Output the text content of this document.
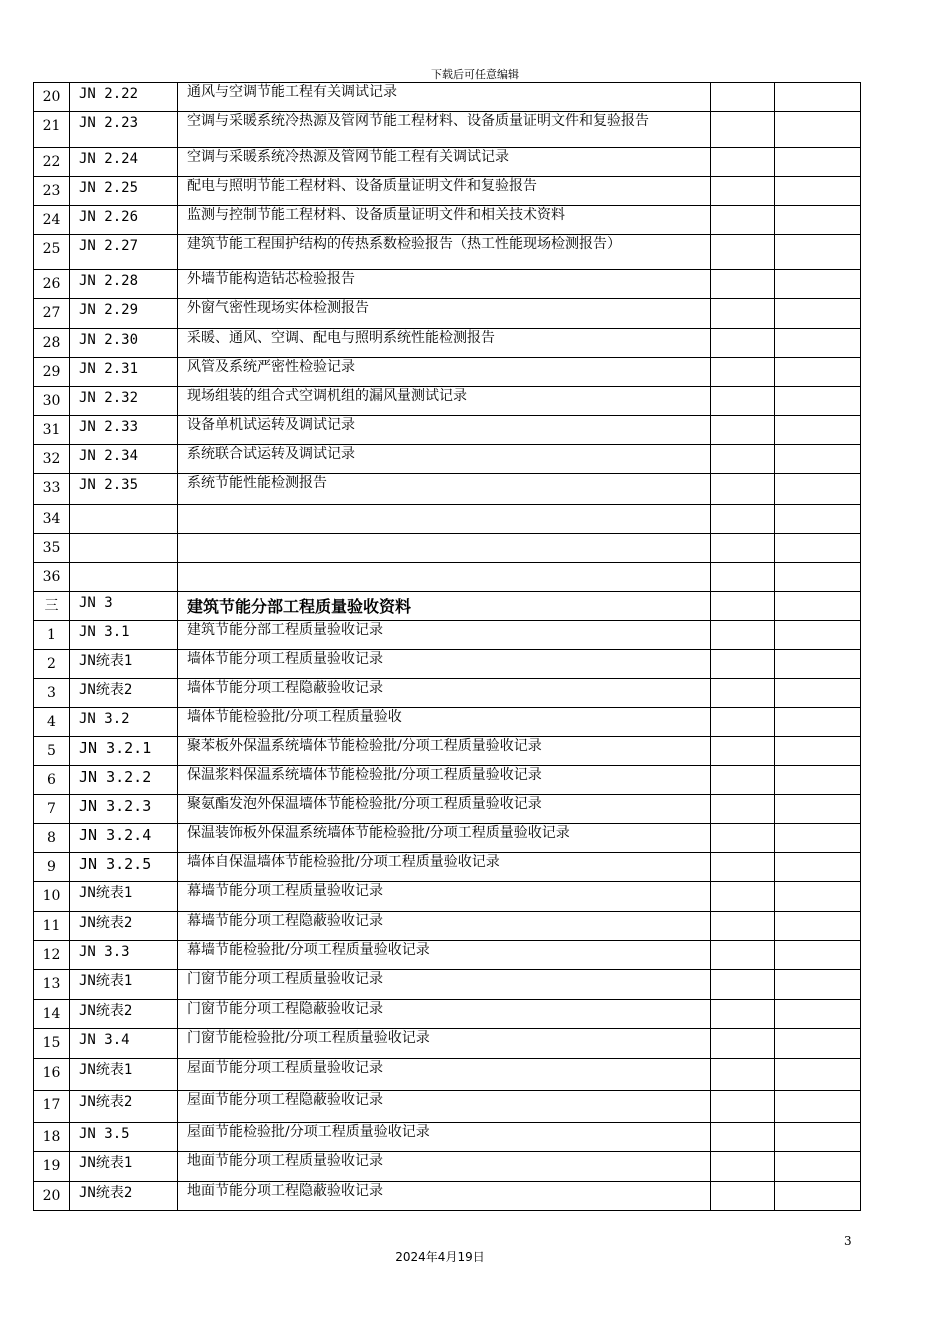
下载后可任意编辑
20	JN 2.22	通风与空调节能工程有关调试记录		
21	JN 2.23	空调与采暖系统冷热源及管网节能工程材料、设备质量证明文件和复验报告		
22	JN 2.24	空调与采暖系统冷热源及管网节能工程有关调试记录		
23	JN 2.25	配电与照明节能工程材料、设备质量证明文件和复验报告		
24	JN 2.26	监测与控制节能工程材料、设备质量证明文件和相关技术资料		
25	JN 2.27	建筑节能工程围护结构的传热系数检验报告（热工性能现场检测报告）		
26	JN 2.28	外墙节能构造钻芯检验报告		
27	JN 2.29	外窗气密性现场实体检测报告		
28	JN 2.30	采暖、通风、空调、配电与照明系统性能检测报告		
29	JN 2.31	风管及系统严密性检验记录		
30	JN 2.32	现场组装的组合式空调机组的漏风量测试记录		
31	JN 2.33	设备单机试运转及调试记录		
32	JN 2.34	系统联合试运转及调试记录		
33	JN 2.35	系统节能性能检测报告		
34				
35				
36				
三	JN 3	建筑节能分部工程质量验收资料		
1	JN 3.1	建筑节能分部工程质量验收记录		
2	JN统表1	墙体节能分项工程质量验收记录		
3	JN统表2	墙体节能分项工程隐蔽验收记录		
4	JN 3.2	墙体节能检验批/分项工程质量验收		
5	JN 3.2.1	聚苯板外保温系统墙体节能检验批/分项工程质量验收记录		
6	JN 3.2.2	保温浆料保温系统墙体节能检验批/分项工程质量验收记录		
7	JN 3.2.3	聚氨酯发泡外保温墙体节能检验批/分项工程质量验收记录		
8	JN 3.2.4	保温装饰板外保温系统墙体节能检验批/分项工程质量验收记录		
9	JN 3.2.5	墙体自保温墙体节能检验批/分项工程质量验收记录		
10	JN统表1	幕墙节能分项工程质量验收记录		
11	JN统表2	幕墙节能分项工程隐蔽验收记录		
12	JN 3.3	幕墙节能检验批/分项工程质量验收记录		
13	JN统表1	门窗节能分项工程质量验收记录		
14	JN统表2	门窗节能分项工程隐蔽验收记录		
15	JN 3.4	门窗节能检验批/分项工程质量验收记录		
16	JN统表1	屋面节能分项工程质量验收记录		
17	JN统表2	屋面节能分项工程隐蔽验收记录		
18	JN 3.5	屋面节能检验批/分项工程质量验收记录		
19	JN统表1	地面节能分项工程质量验收记录		
20	JN统表2	地面节能分项工程隐蔽验收记录		
3
2024年4月19日
